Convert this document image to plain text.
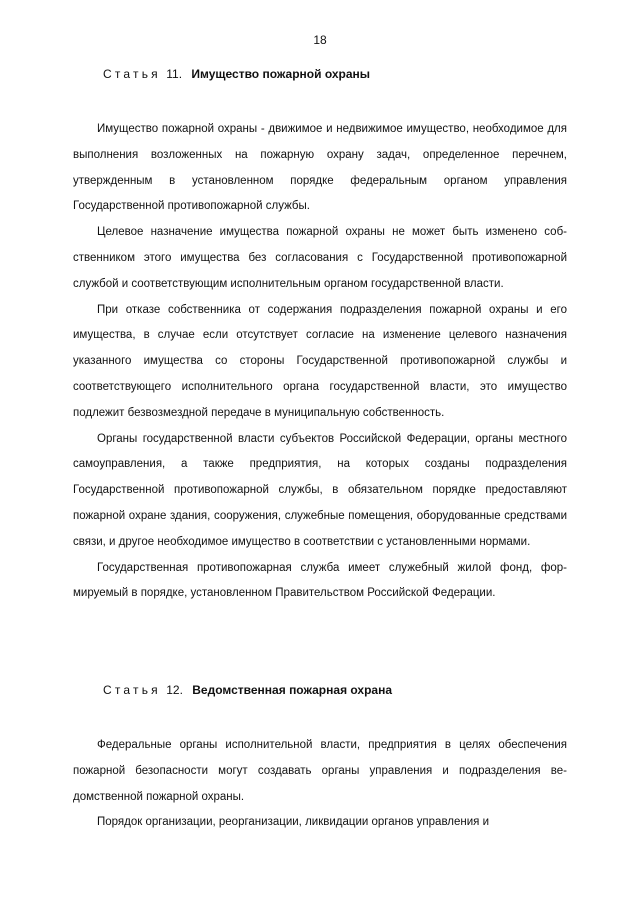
18
Статья 11. Имущество пожарной охраны

Имущество пожарной охраны - движимое и недвижимое имущество, необходимое для выполнения возложенных на пожарную охрану задач, определенное перечнем, утвержденным в установленном порядке федеральным органом управления Государственной противопожарной службы.

Целевое назначение имущества пожарной охраны не может быть изменено собственником этого имущества без согласования с Государственной противопожарной службой и соответствующим исполнительным органом государственной власти.

При отказе собственника от содержания подразделения пожарной охраны и его имущества, в случае если отсутствует согласие на изменение целевого назначения указанного имущества со стороны Государственной противопожарной службы и соответствующего исполнительного органа государственной власти, это имущество подлежит безвозмездной передаче в муниципальную собственность.

Органы государственной власти субъектов Российской Федерации, органы местного самоуправления, а также предприятия, на которых созданы подразделения Государственной противопожарной службы, в обязательном порядке предоставляют пожарной охране здания, сооружения, служебные помещения, оборудованные средствами связи, и другое необходимое имущество в соответствии с установленными нормами.

Государственная противопожарная служба имеет служебный жилой фонд, формируемый в порядке, установленном Правительством Российской Федерации.

Статья 12. Ведомственная пожарная охрана

Федеральные органы исполнительной власти, предприятия в целях обеспечения пожарной безопасности могут создавать органы управления и подразделения ведомственной пожарной охраны.

Порядок организации, реорганизации, ликвидации органов управления и
